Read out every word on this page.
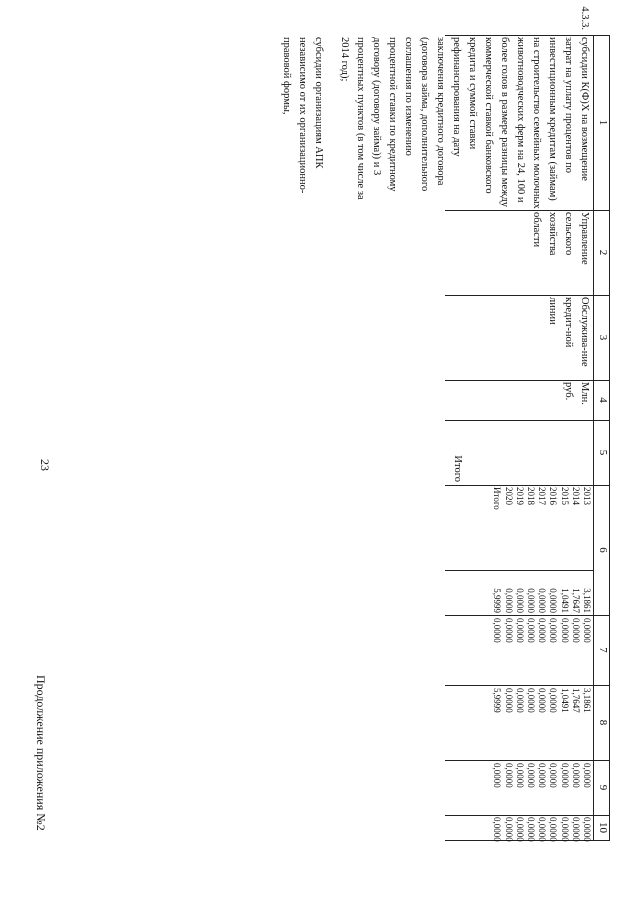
23
Продолжение приложения №2
1
2
3
4
5
6
7
8
9
10
4.3.3.
субсидии К(Ф)Х на возмещение затрат на уплату процентов по инвестиционным кредитам (займам) на строительство семейных молочных животноводческих ферм на 24, 100 и более голов в размере разницы между коммерческой ставкой банковского кредита и суммой ставки рефинансирования на дату заключения кредитного договора (договора займа, дополнительного соглашения по изменению процентной ставки по кредитному договору (договору займа)) и 3 процентных пунктов (в том числе за 2014 год);

субсидии организациям АПК независимо от их организационно-правовой формы,
Управление сельского хозяйства области
Обслужива-ние кредит-ной линии
Млн. руб.
Итого
2013
2014
2015
2016
2017
2018
2019
2020
Итого
3,1861
1,7647
1,0491
0,0000
0,0000
0,0000
0,0000
0,0000
5,9999
0,0000
0,0000
0,0000
0,0000
0,0000
0,0000
0,0000
0,0000
0,0000
3,1861
1,7647
1,0491
0,0000
0,0000
0,0000
0,0000
0,0000
5,9999
0,0000
0,0000
0,0000
0,0000
0,0000
0,0000
0,0000
0,0000
0,0000
0,0000
0,0000
0,0000
0,0000
0,0000
0,0000
0,0000
0,0000
0,0000
